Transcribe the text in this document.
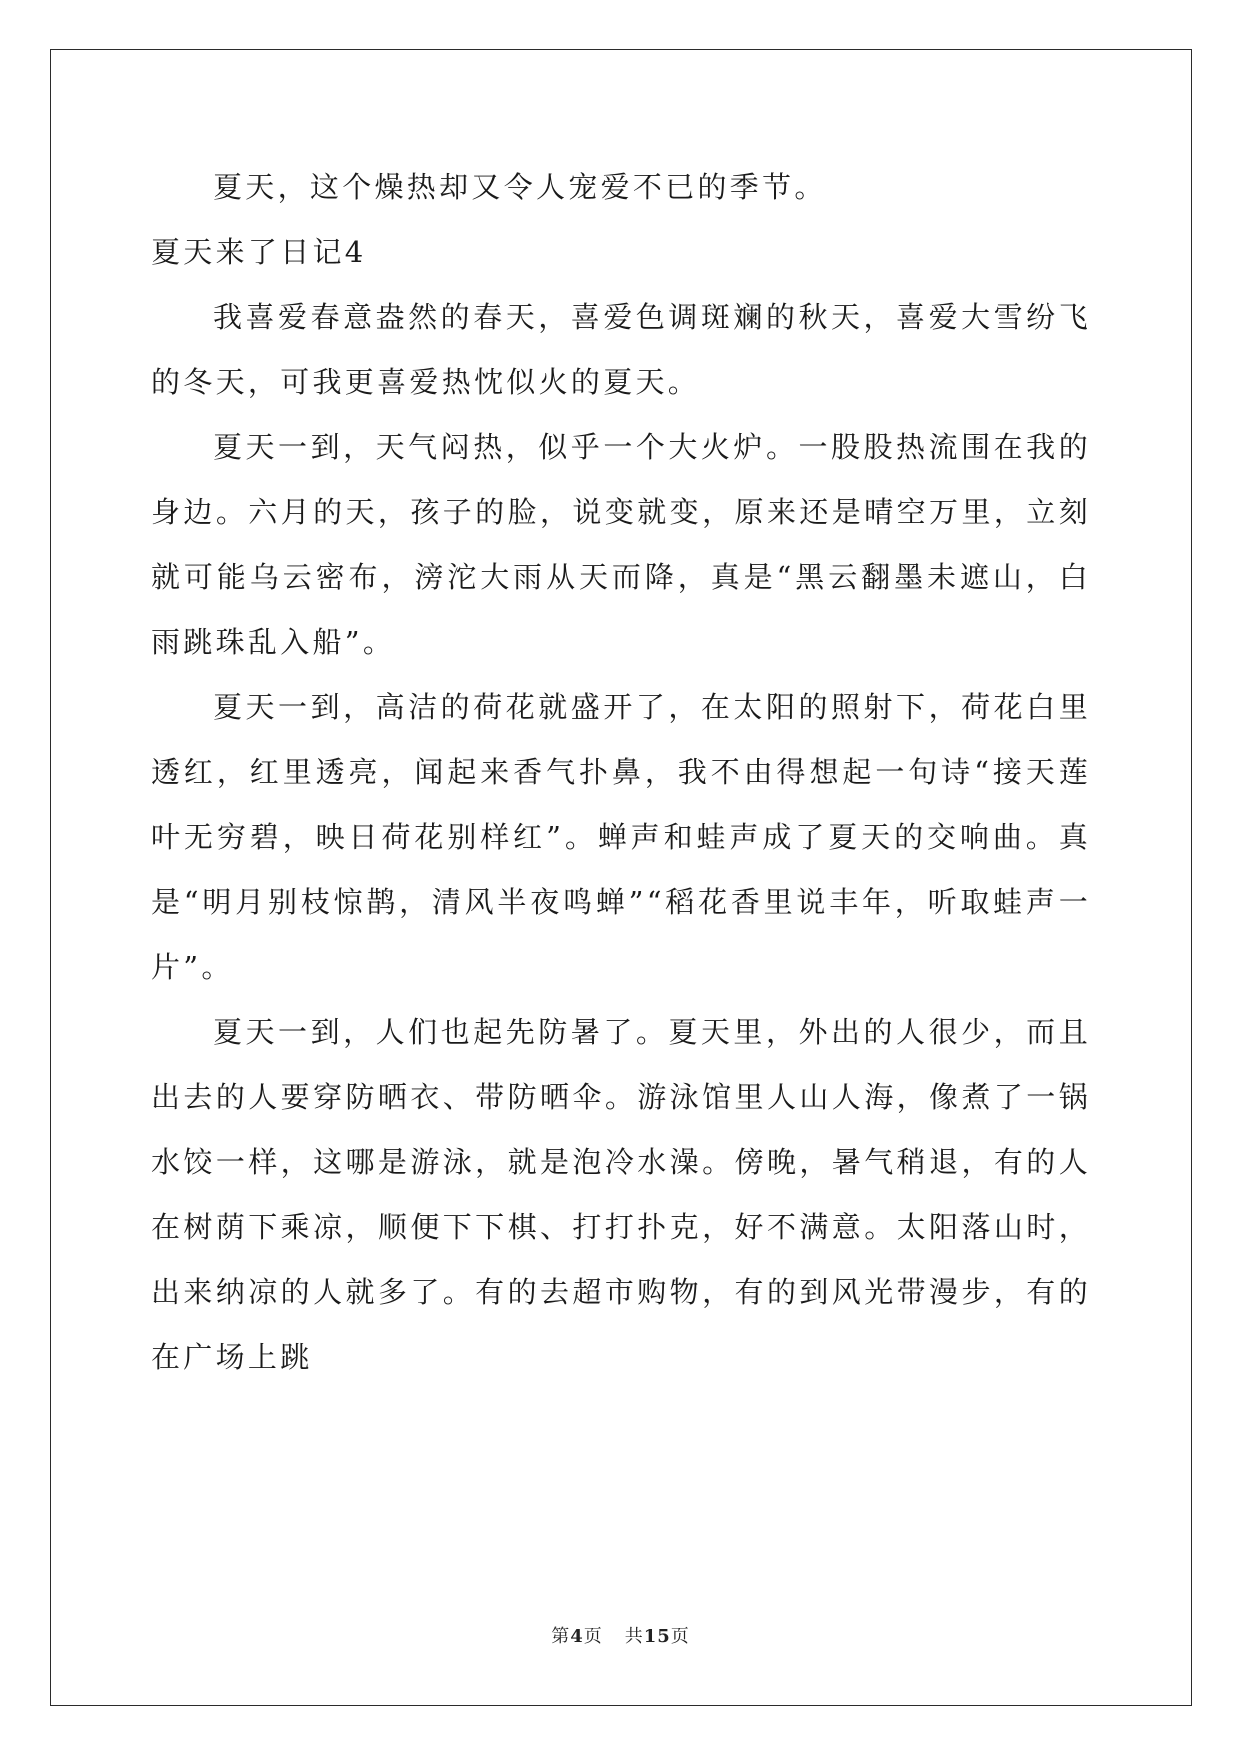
夏天，这个燥热却又令人宠爱不已的季节。

夏天来了日记4

我喜爱春意盎然的春天，喜爱色调斑斓的秋天，喜爱大雪纷飞的冬天，可我更喜爱热忱似火的夏天。

夏天一到，天气闷热，似乎一个大火炉。一股股热流围在我的身边。六月的天，孩子的脸，说变就变，原来还是晴空万里，立刻就可能乌云密布，滂沱大雨从天而降，真是“黑云翻墨未遮山，白雨跳珠乱入船”。

夏天一到，高洁的荷花就盛开了，在太阳的照射下，荷花白里透红，红里透亮，闻起来香气扑鼻，我不由得想起一句诗“接天莲叶无穷碧，映日荷花别样红”。蝉声和蛙声成了夏天的交响曲。真是“明月别枝惊鹊，清风半夜鸣蝉”“稻花香里说丰年，听取蛙声一片”。

夏天一到，人们也起先防暑了。夏天里，外出的人很少，而且出去的人要穿防晒衣、带防晒伞。游泳馆里人山人海，像煮了一锅水饺一样，这哪是游泳，就是泡冷水澡。傍晚，暑气稍退，有的人在树荫下乘凉，顺便下下棋、打打扑克，好不满意。太阳落山时，出来纳凉的人就多了。有的去超市购物，有的到风光带漫步，有的在广场上跳

第4页 共15页
